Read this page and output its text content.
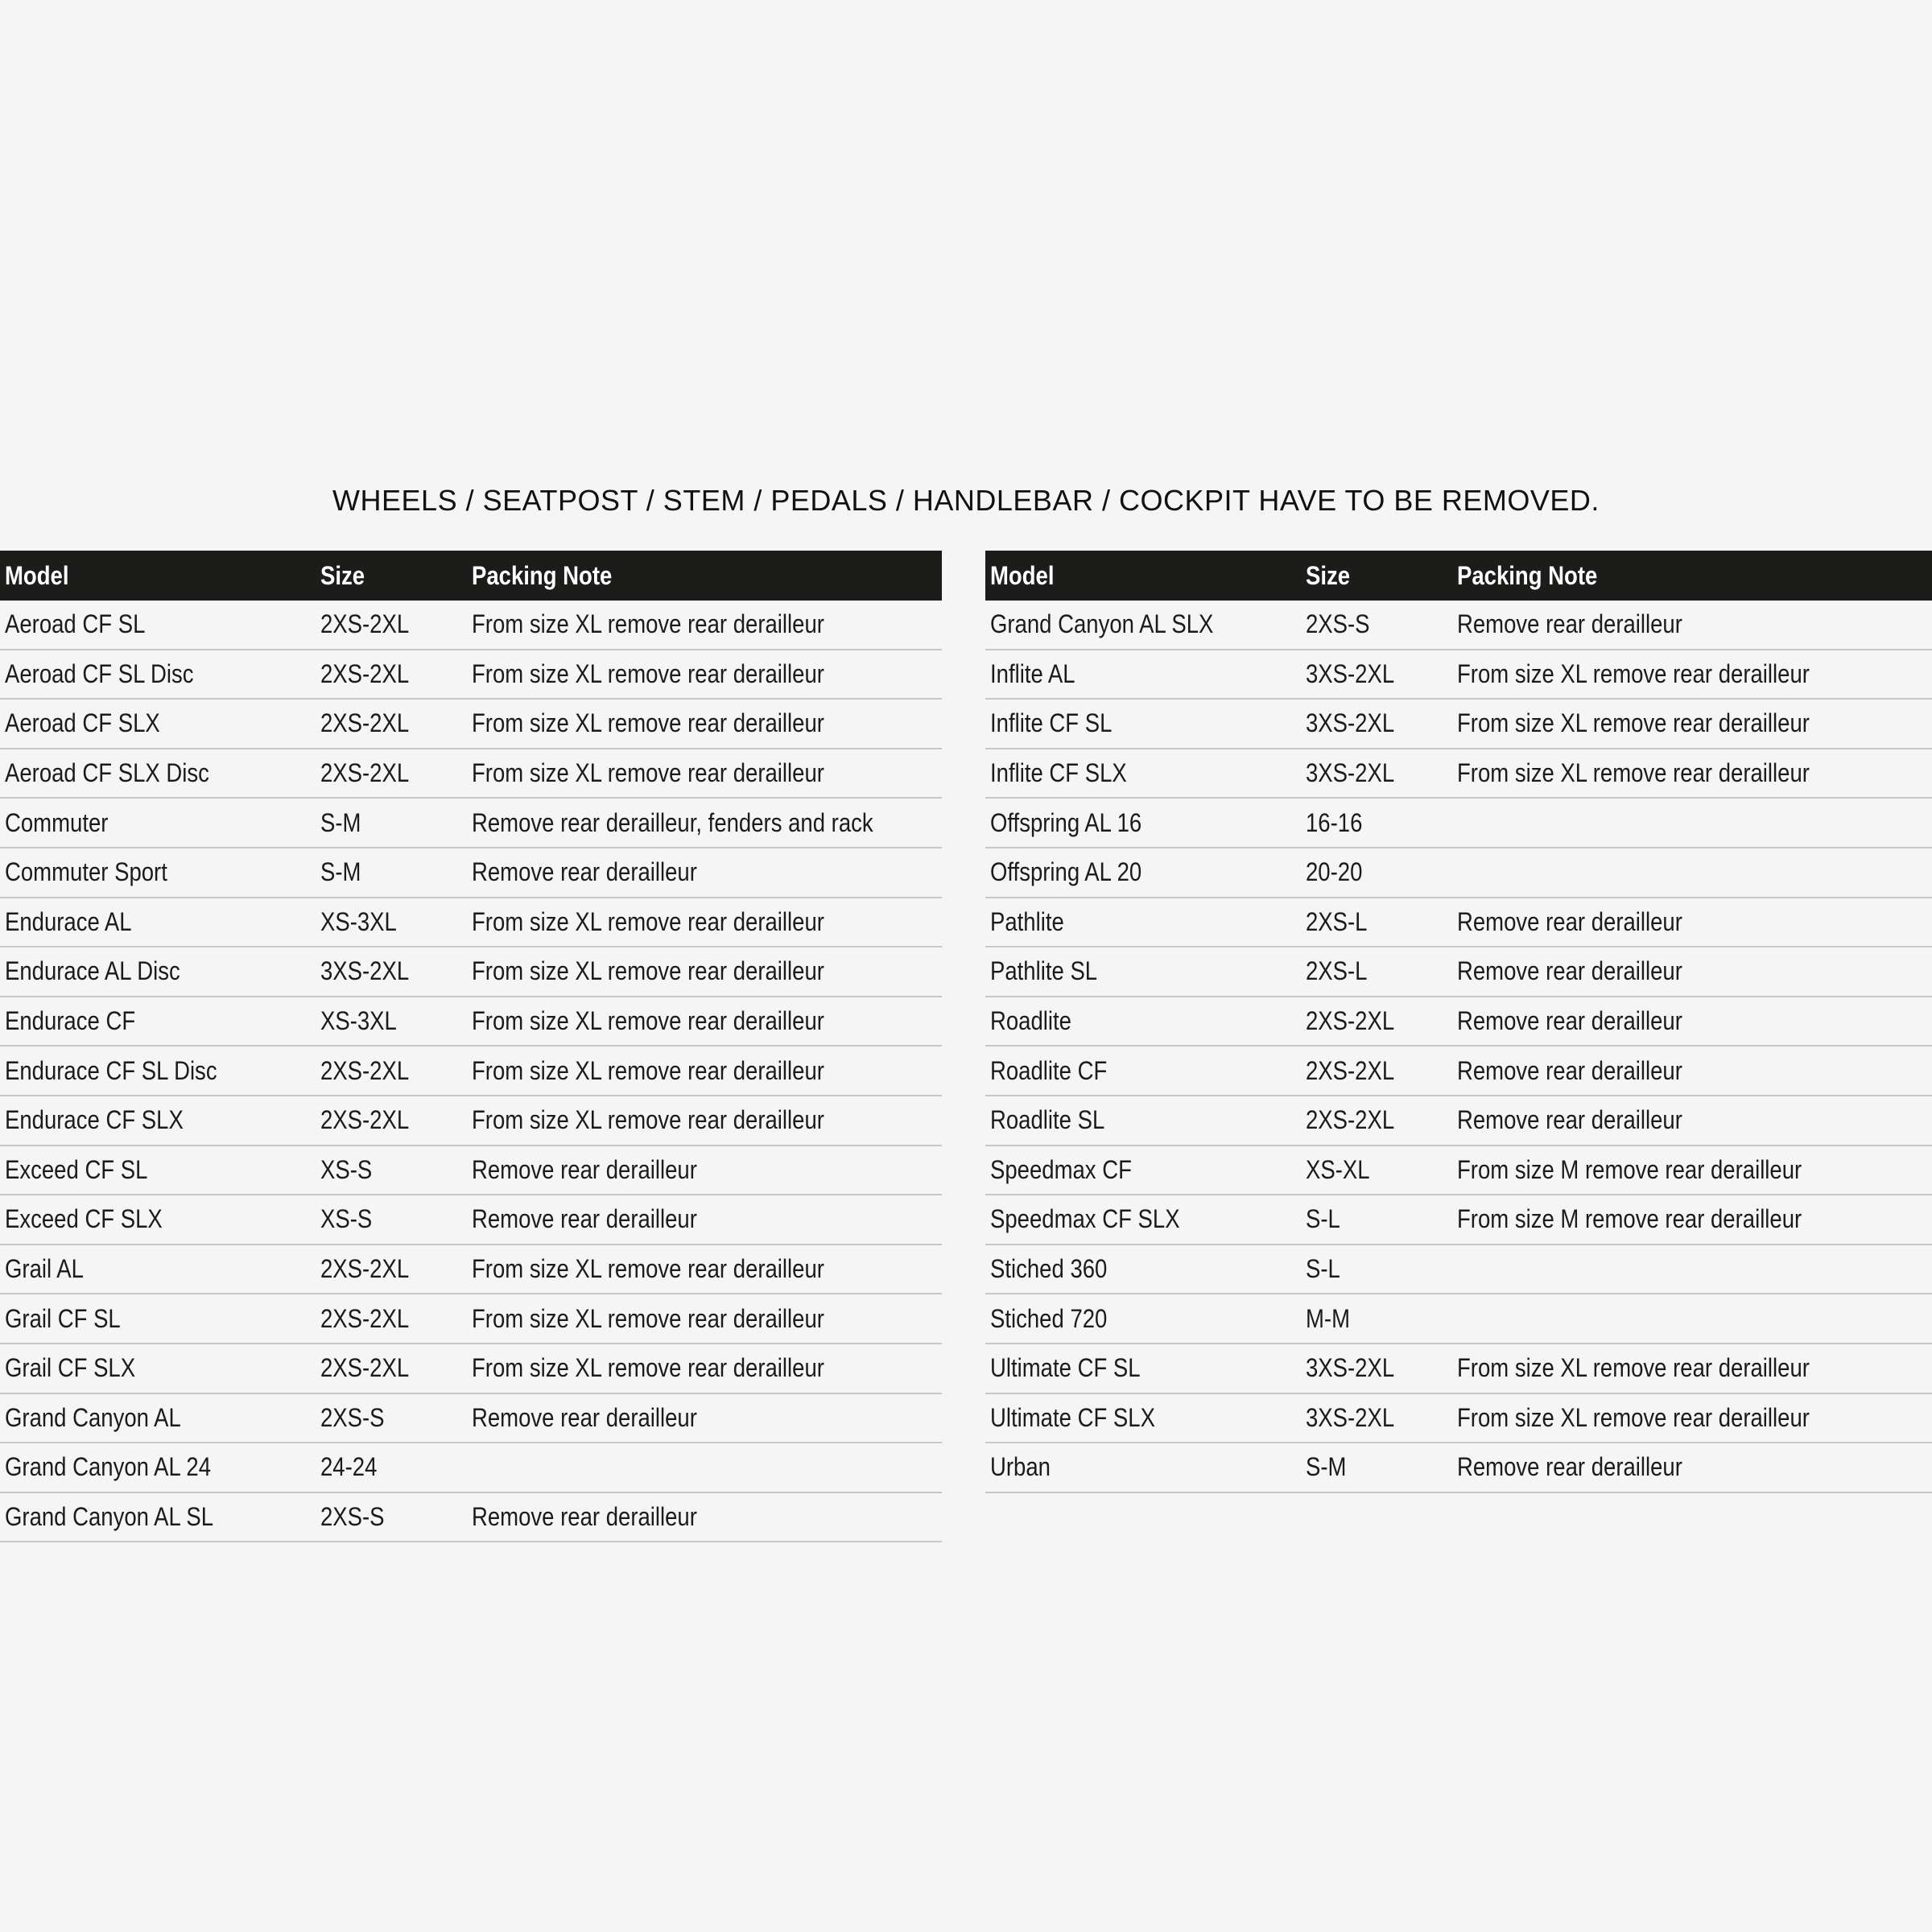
WHEELS / SEATPOST / STEM / PEDALS / HANDLEBAR / COCKPIT HAVE TO BE REMOVED.
Model	Size	Packing Note
Aeroad CF SL	2XS-2XL	From size XL remove rear derailleur
Aeroad CF SL Disc	2XS-2XL	From size XL remove rear derailleur
Aeroad CF SLX	2XS-2XL	From size XL remove rear derailleur
Aeroad CF SLX Disc	2XS-2XL	From size XL remove rear derailleur
Commuter	S-M	Remove rear derailleur, fenders and rack
Commuter Sport	S-M	Remove rear derailleur
Endurace AL	XS-3XL	From size XL remove rear derailleur
Endurace AL Disc	3XS-2XL	From size XL remove rear derailleur
Endurace CF	XS-3XL	From size XL remove rear derailleur
Endurace CF SL Disc	2XS-2XL	From size XL remove rear derailleur
Endurace CF SLX	2XS-2XL	From size XL remove rear derailleur
Exceed CF SL	XS-S	Remove rear derailleur
Exceed CF SLX	XS-S	Remove rear derailleur
Grail AL	2XS-2XL	From size XL remove rear derailleur
Grail CF SL	2XS-2XL	From size XL remove rear derailleur
Grail CF SLX	2XS-2XL	From size XL remove rear derailleur
Grand Canyon AL	2XS-S	Remove rear derailleur
Grand Canyon AL 24	24-24	
Grand Canyon AL SL	2XS-S	Remove rear derailleur
Model	Size	Packing Note
Grand Canyon AL SLX	2XS-S	Remove rear derailleur
Inflite AL	3XS-2XL	From size XL remove rear derailleur
Inflite CF SL	3XS-2XL	From size XL remove rear derailleur
Inflite CF SLX	3XS-2XL	From size XL remove rear derailleur
Offspring AL 16	16-16	
Offspring AL 20	20-20	
Pathlite	2XS-L	Remove rear derailleur
Pathlite SL	2XS-L	Remove rear derailleur
Roadlite	2XS-2XL	Remove rear derailleur
Roadlite CF	2XS-2XL	Remove rear derailleur
Roadlite SL	2XS-2XL	Remove rear derailleur
Speedmax CF	XS-XL	From size M remove rear derailleur
Speedmax CF SLX	S-L	From size M remove rear derailleur
Stiched 360	S-L	
Stiched 720	M-M	
Ultimate CF SL	3XS-2XL	From size XL remove rear derailleur
Ultimate CF SLX	3XS-2XL	From size XL remove rear derailleur
Urban	S-M	Remove rear derailleur
